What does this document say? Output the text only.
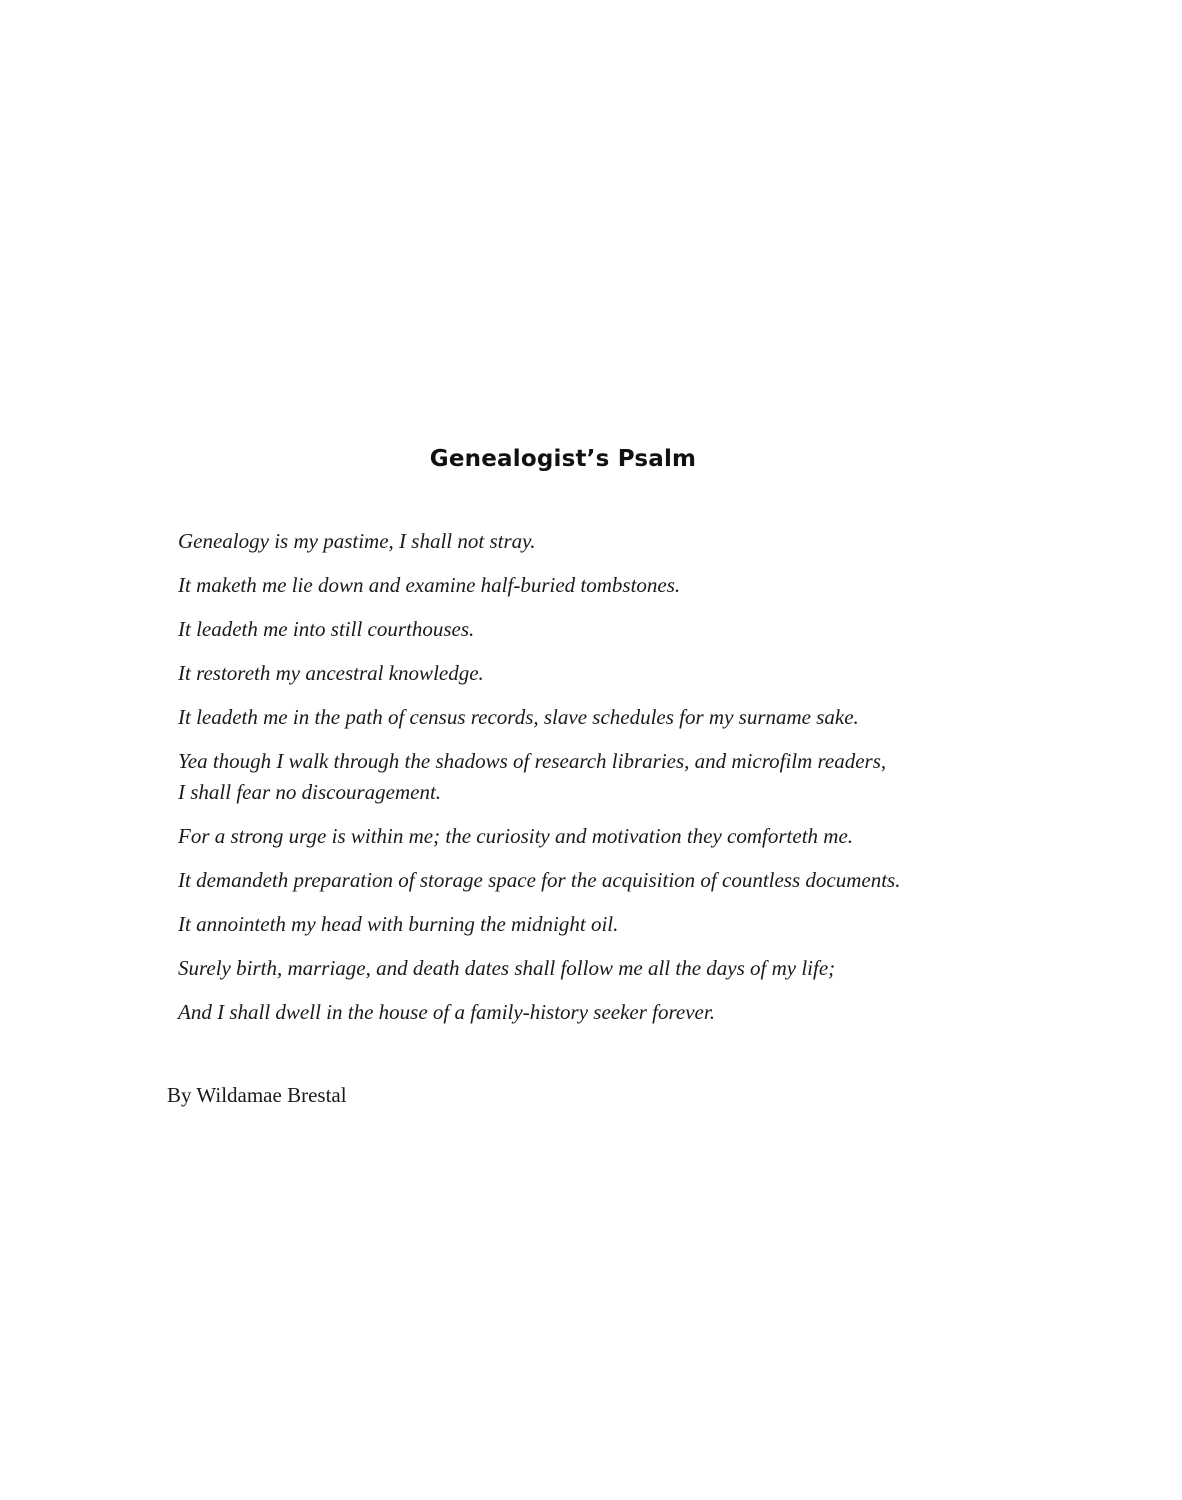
Genealogist’s Psalm

Genealogy is my pastime, I shall not stray.

It maketh me lie down and examine half-buried tombstones.

It leadeth me into still courthouses.

It restoreth my ancestral knowledge.

It leadeth me in the path of census records, slave schedules for my surname sake.

Yea though I walk through the shadows of research libraries, and microfilm readers,

I shall fear no discouragement.

For a strong urge is within me; the curiosity and motivation they comforteth me.

It demandeth preparation of storage space for the acquisition of countless documents.

It annointeth my head with burning the midnight oil.

Surely birth, marriage, and death dates shall follow me all the days of my life;

And I shall dwell in the house of a family-history seeker forever.

By Wildamae Brestal
